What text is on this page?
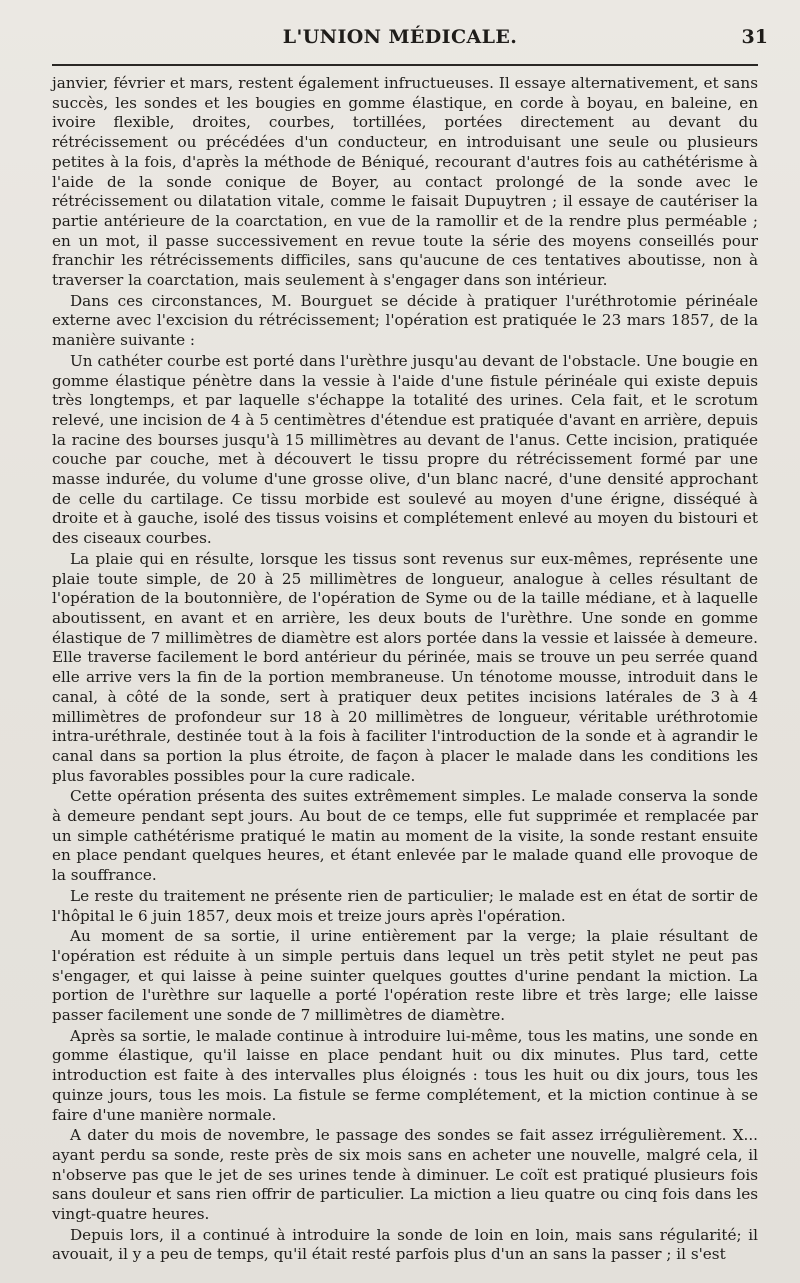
L'UNION MÉDICALE.	31

janvier, février et mars, restent également infructueuses. Il essaye alternativement, et sans succès, les sondes et les bougies en gomme élastique, en corde à boyau, en baleine, en ivoire flexible, droites, courbes, tortillées, portées directement au devant du rétrécissement ou précédées d'un conducteur, en introduisant une seule ou plusieurs petites à la fois, d'après la méthode de Béniqué, recourant d'autres fois au cathétérisme à l'aide de la sonde conique de Boyer, au contact prolongé de la sonde avec le rétrécissement ou dilatation vitale, comme le faisait Dupuytren ; il essaye de cautériser la partie antérieure de la coarctation, en vue de la ramollir et de la rendre plus perméable ; en un mot, il passe successivement en revue toute la série des moyens conseillés pour franchir les rétrécissements difficiles, sans qu'aucune de ces tentatives aboutisse, non à traverser la coarctation, mais seulement à s'engager dans son intérieur.

Dans ces circonstances, M. Bourguet se décide à pratiquer l'uréthrotomie périnéale externe avec l'excision du rétrécissement; l'opération est pratiquée le 23 mars 1857, de la manière suivante :

Un cathéter courbe est porté dans l'urèthre jusqu'au devant de l'obstacle. Une bougie en gomme élastique pénètre dans la vessie à l'aide d'une fistule périnéale qui existe depuis très longtemps, et par laquelle s'échappe la totalité des urines. Cela fait, et le scrotum relevé, une incision de 4 à 5 centimètres d'étendue est pratiquée d'avant en arrière, depuis la racine des bourses jusqu'à 15 millimètres au devant de l'anus. Cette incision, pratiquée couche par couche, met à découvert le tissu propre du rétrécissement formé par une masse indurée, du volume d'une grosse olive, d'un blanc nacré, d'une densité approchant de celle du cartilage. Ce tissu morbide est soulevé au moyen d'une érigne, disséqué à droite et à gauche, isolé des tissus voisins et complétement enlevé au moyen du bistouri et des ciseaux courbes.

La plaie qui en résulte, lorsque les tissus sont revenus sur eux-mêmes, représente une plaie toute simple, de 20 à 25 millimètres de longueur, analogue à celles résultant de l'opération de la boutonnière, de l'opération de Syme ou de la taille médiane, et à laquelle aboutissent, en avant et en arrière, les deux bouts de l'urèthre. Une sonde en gomme élastique de 7 millimètres de diamètre est alors portée dans la vessie et laissée à demeure. Elle traverse facilement le bord antérieur du périnée, mais se trouve un peu serrée quand elle arrive vers la fin de la portion membraneuse. Un ténotome mousse, introduit dans le canal, à côté de la sonde, sert à pratiquer deux petites incisions latérales de 3 à 4 millimètres de profondeur sur 18 à 20 millimètres de longueur, véritable uréthrotomie intra-uréthrale, destinée tout à la fois à faciliter l'introduction de la sonde et à agrandir le canal dans sa portion la plus étroite, de façon à placer le malade dans les conditions les plus favorables possibles pour la cure radicale.

Cette opération présenta des suites extrêmement simples. Le malade conserva la sonde à demeure pendant sept jours. Au bout de ce temps, elle fut supprimée et remplacée par un simple cathétérisme pratiqué le matin au moment de la visite, la sonde restant ensuite en place pendant quelques heures, et étant enlevée par le malade quand elle provoque de la souffrance.

Le reste du traitement ne présente rien de particulier; le malade est en état de sortir de l'hôpital le 6 juin 1857, deux mois et treize jours après l'opération.

Au moment de sa sortie, il urine entièrement par la verge; la plaie résultant de l'opération est réduite à un simple pertuis dans lequel un très petit stylet ne peut pas s'engager, et qui laisse à peine suinter quelques gouttes d'urine pendant la miction. La portion de l'urèthre sur laquelle a porté l'opération reste libre et très large; elle laisse passer facilement une sonde de 7 millimètres de diamètre.

Après sa sortie, le malade continue à introduire lui-même, tous les matins, une sonde en gomme élastique, qu'il laisse en place pendant huit ou dix minutes. Plus tard, cette introduction est faite à des intervalles plus éloignés : tous les huit ou dix jours, tous les quinze jours, tous les mois. La fistule se ferme complétement, et la miction continue à se faire d'une manière normale.

A dater du mois de novembre, le passage des sondes se fait assez irrégulièrement. X... ayant perdu sa sonde, reste près de six mois sans en acheter une nouvelle, malgré cela, il n'observe pas que le jet de ses urines tende à diminuer. Le coït est pratiqué plusieurs fois sans douleur et sans rien offrir de particulier. La miction a lieu quatre ou cinq fois dans les vingt-quatre heures.

Depuis lors, il a continué à introduire la sonde de loin en loin, mais sans régularité; il avouait, il y a peu de temps, qu'il était resté parfois plus d'un an sans la passer ; il s'est
